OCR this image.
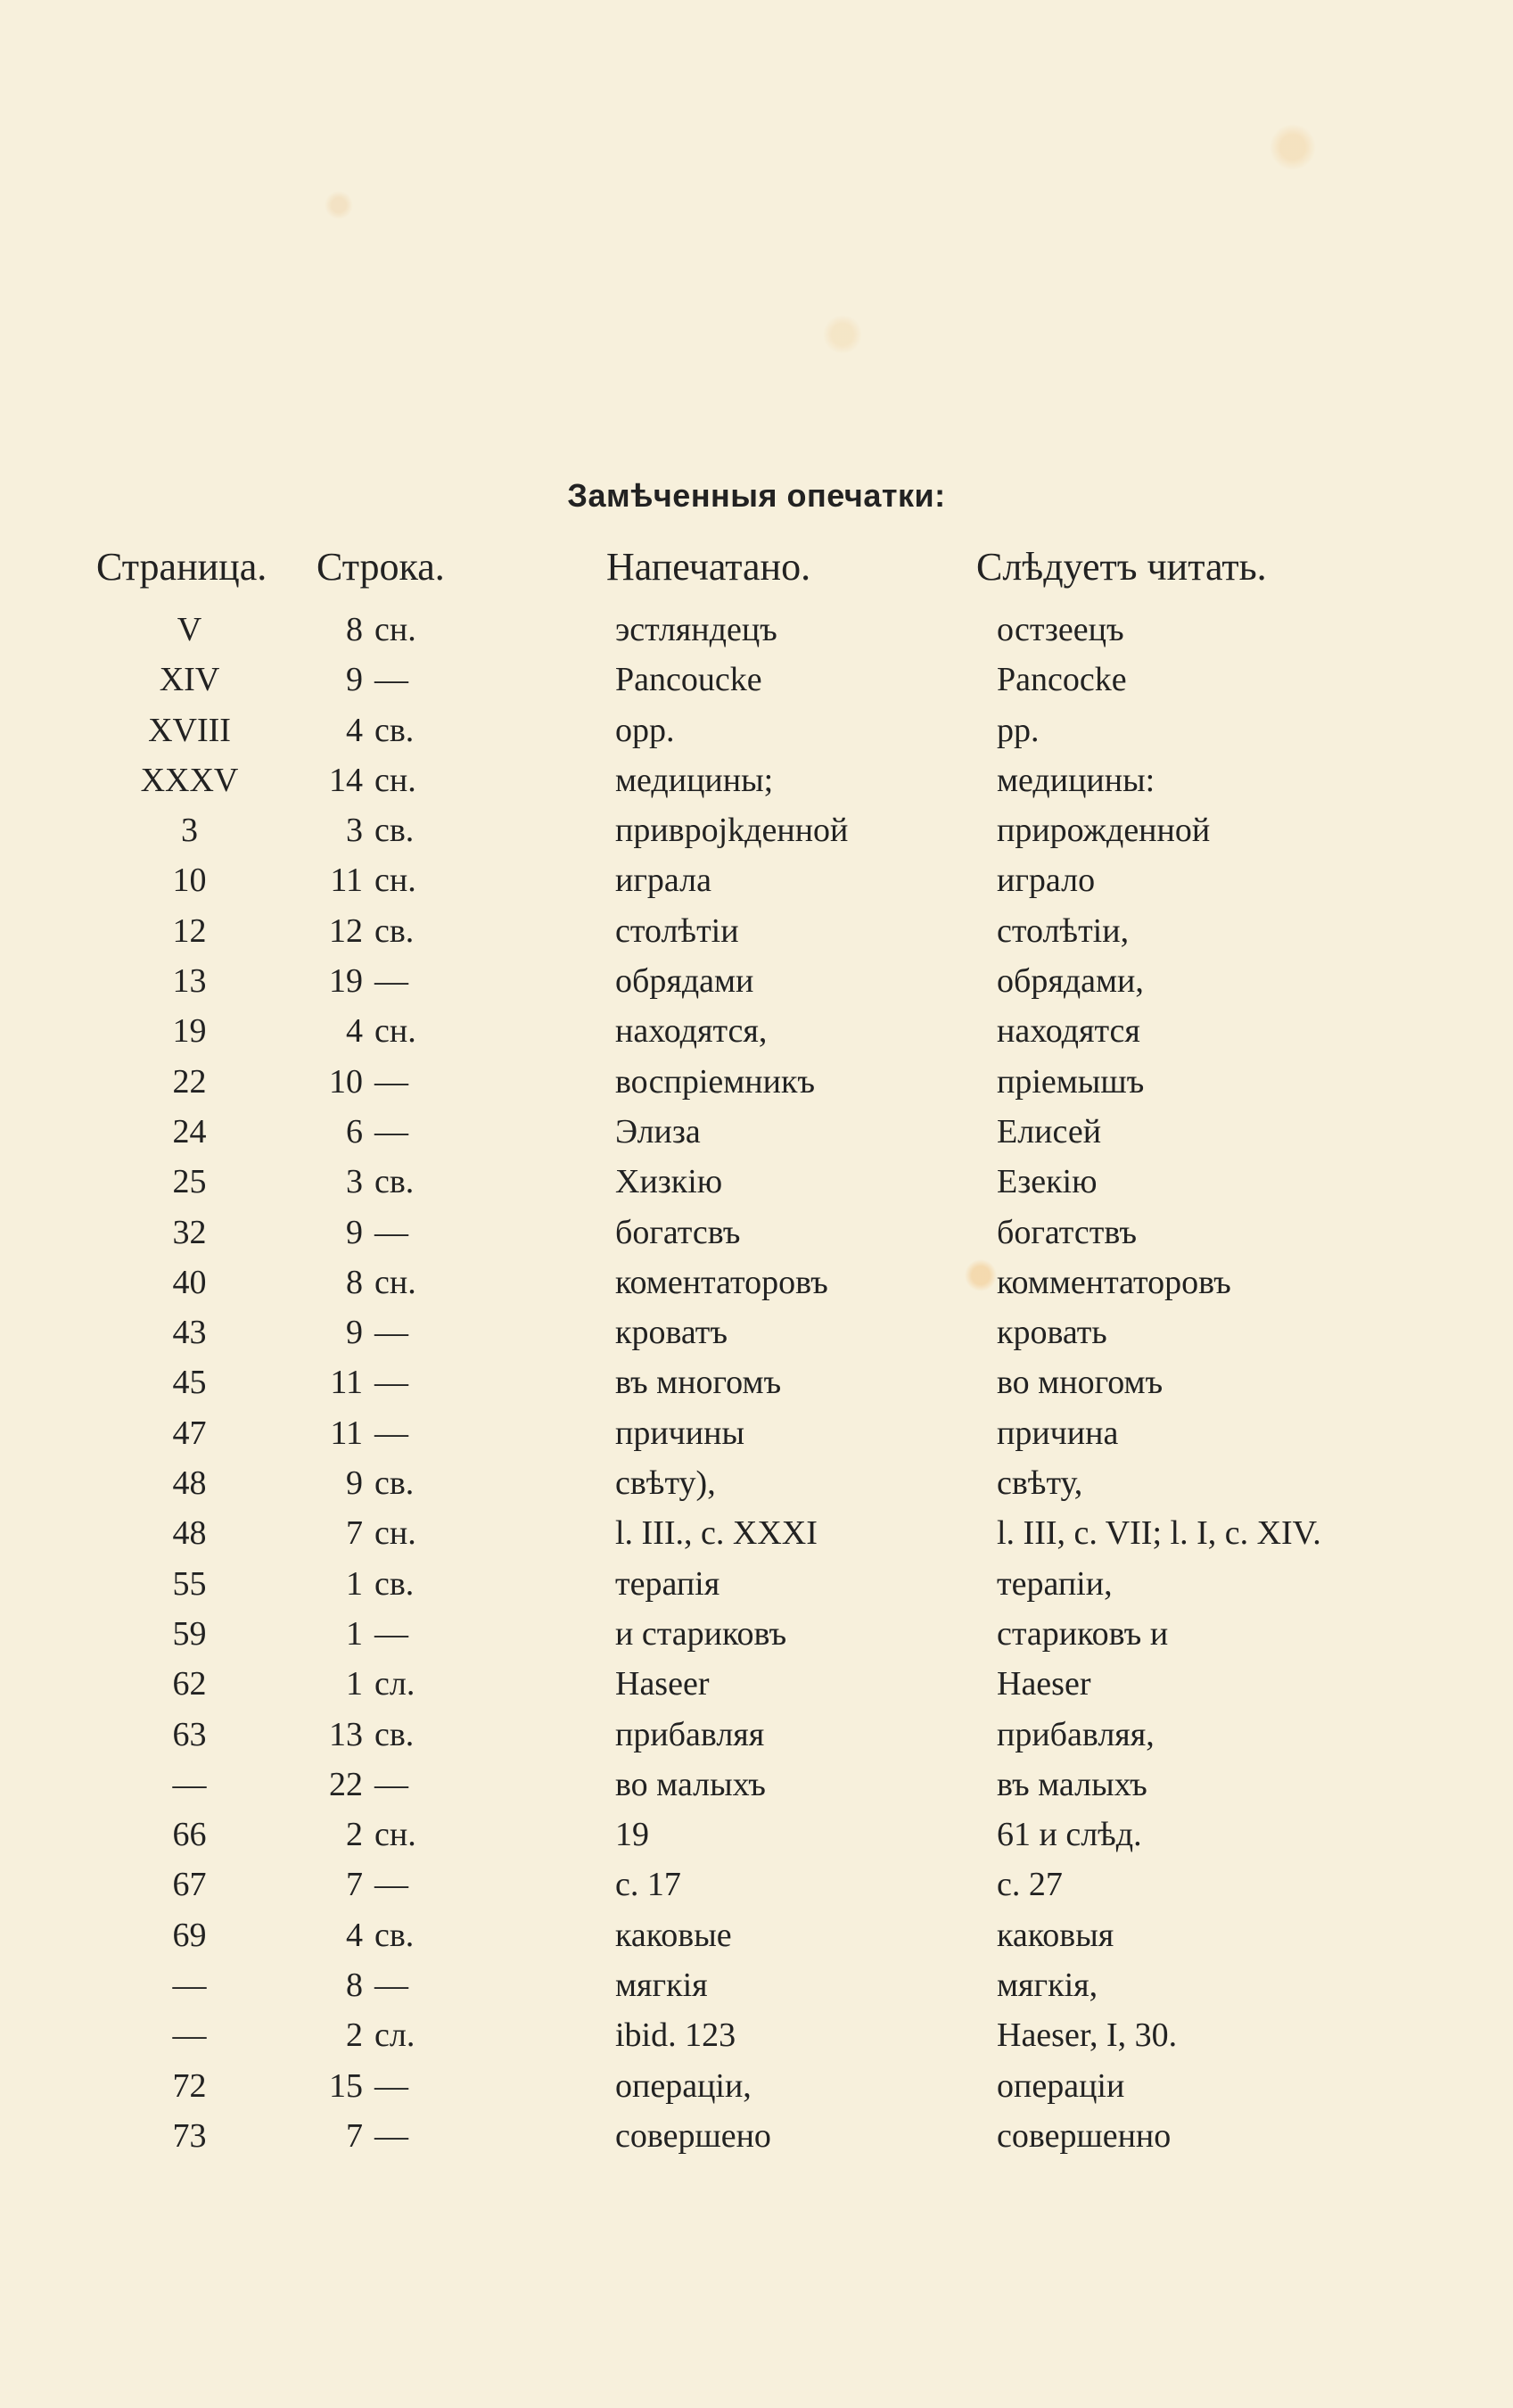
Замѣченныя опечатки:
Страница. Строка.	Напечатано.	Слѣдуетъ читать.
V	8 сн.	эстляндецъ	остзеецъ
XIV	9 —	Pancoucke	Pancocke
XVIII	4 св.	орр.	рр.
XXXV	14 сн.	медицины;	медицины:
3	3 св.	привроjkденной	прирожденной
10	11 сн.	играла	играло
12	12 св.	столѣтіи	столѣтіи,
13	19 —	обрядами	обрядами,
19	4 сн.	находятся,	находятся
22	10 —	воспріемникъ	пріемышъ
24	6 —	Элиза	Елисей
25	3 св.	Хизкію	Езекію
32	9 —	богатсвъ	богатствъ
40	8 сн.	коментаторовъ	комментаторовъ
43	9 —	кроватъ	кровать
45	11 —	въ многомъ	во многомъ
47	11 —	причины	причина
48	9 св.	свѣту),	свѣту,
48	7 сн.	l. III., c. XXXI	l. III, c. VII; l. I, c. XIV.
55	1 св.	терапія	терапіи,
59	1 —	и стариковъ	стариковъ и
62	1 сл.	Haseer	Haeser
63	13 св.	прибавляя	прибавляя,
—	22 —	во малыхъ	въ малыхъ
66	2 сн.	19	61 и слѣд.
67	7 —	с. 17	с. 27
69	4 св.	каковые	каковыя
—	8 —	мягкія	мягкія,
—	2 сл.	ibid. 123	Haeser, I, 30.
72	15 —	операціи,	операціи
73	7 —	совершено	совершенно
